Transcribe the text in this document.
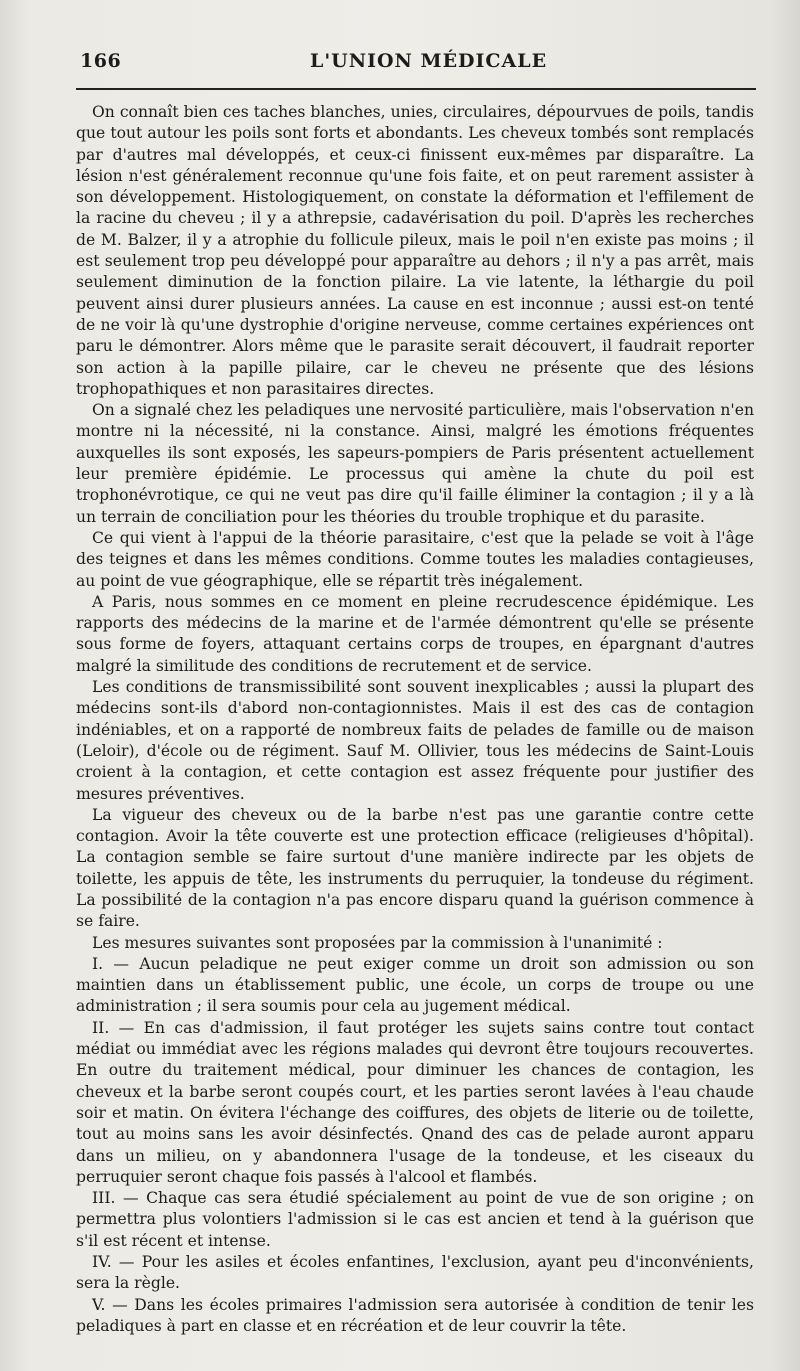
166	L'UNION MÉDICALE

On connaît bien ces taches blanches, unies, circulaires, dépourvues de poils, tandis que tout autour les poils sont forts et abondants. Les cheveux tombés sont remplacés par d'autres mal développés, et ceux-ci finissent eux-mêmes par disparaître. La lésion n'est généralement reconnue qu'une fois faite, et on peut rarement assister à son développement. Histologiquement, on constate la déformation et l'effilement de la racine du cheveu ; il y a athrepsie, cadavérisation du poil. D'après les recherches de M. Balzer, il y a atrophie du follicule pileux, mais le poil n'en existe pas moins ; il est seulement trop peu développé pour apparaître au dehors ; il n'y a pas arrêt, mais seulement diminution de la fonction pilaire. La vie latente, la léthargie du poil peuvent ainsi durer plusieurs années. La cause en est inconnue ; aussi est-on tenté de ne voir là qu'une dystrophie d'origine nerveuse, comme certaines expériences ont paru le démontrer. Alors même que le parasite serait découvert, il faudrait reporter son action à la papille pilaire, car le cheveu ne présente que des lésions trophopathiques et non parasitaires directes.

On a signalé chez les peladiques une nervosité particulière, mais l'observation n'en montre ni la nécessité, ni la constance. Ainsi, malgré les émotions fréquentes auxquelles ils sont exposés, les sapeurs-pompiers de Paris présentent actuellement leur première épidémie. Le processus qui amène la chute du poil est trophonévrotique, ce qui ne veut pas dire qu'il faille éliminer la contagion ; il y a là un terrain de conciliation pour les théories du trouble trophique et du parasite.

Ce qui vient à l'appui de la théorie parasitaire, c'est que la pelade se voit à l'âge des teignes et dans les mêmes conditions. Comme toutes les maladies contagieuses, au point de vue géographique, elle se répartit très inégalement.

A Paris, nous sommes en ce moment en pleine recrudescence épidémique. Les rapports des médecins de la marine et de l'armée démontrent qu'elle se présente sous forme de foyers, attaquant certains corps de troupes, en épargnant d'autres malgré la similitude des conditions de recrutement et de service.

Les conditions de transmissibilité sont souvent inexplicables ; aussi la plupart des médecins sont-ils d'abord non-contagionnistes. Mais il est des cas de contagion indéniables, et on a rapporté de nombreux faits de pelades de famille ou de maison (Leloir), d'école ou de régiment. Sauf M. Ollivier, tous les médecins de Saint-Louis croient à la contagion, et cette contagion est assez fréquente pour justifier des mesures préventives.

La vigueur des cheveux ou de la barbe n'est pas une garantie contre cette contagion. Avoir la tête couverte est une protection efficace (religieuses d'hôpital). La contagion semble se faire surtout d'une manière indirecte par les objets de toilette, les appuis de tête, les instruments du perruquier, la tondeuse du régiment. La possibilité de la contagion n'a pas encore disparu quand la guérison commence à se faire.

Les mesures suivantes sont proposées par la commission à l'unanimité :

I. — Aucun peladique ne peut exiger comme un droit son admission ou son maintien dans un établissement public, une école, un corps de troupe ou une administration ; il sera soumis pour cela au jugement médical.

II. — En cas d'admission, il faut protéger les sujets sains contre tout contact médiat ou immédiat avec les régions malades qui devront être toujours recouvertes. En outre du traitement médical, pour diminuer les chances de contagion, les cheveux et la barbe seront coupés court, et les parties seront lavées à l'eau chaude soir et matin. On évitera l'échange des coiffures, des objets de literie ou de toilette, tout au moins sans les avoir désinfectés. Qnand des cas de pelade auront apparu dans un milieu, on y abandonnera l'usage de la tondeuse, et les ciseaux du perruquier seront chaque fois passés à l'alcool et flambés.

III. — Chaque cas sera étudié spécialement au point de vue de son origine ; on permettra plus volontiers l'admission si le cas est ancien et tend à la guérison que s'il est récent et intense.

IV. — Pour les asiles et écoles enfantines, l'exclusion, ayant peu d'inconvénients, sera la règle.

V. — Dans les écoles primaires l'admission sera autorisée à condition de tenir les peladiques à part en classe et en récréation et de leur couvrir la tête.
